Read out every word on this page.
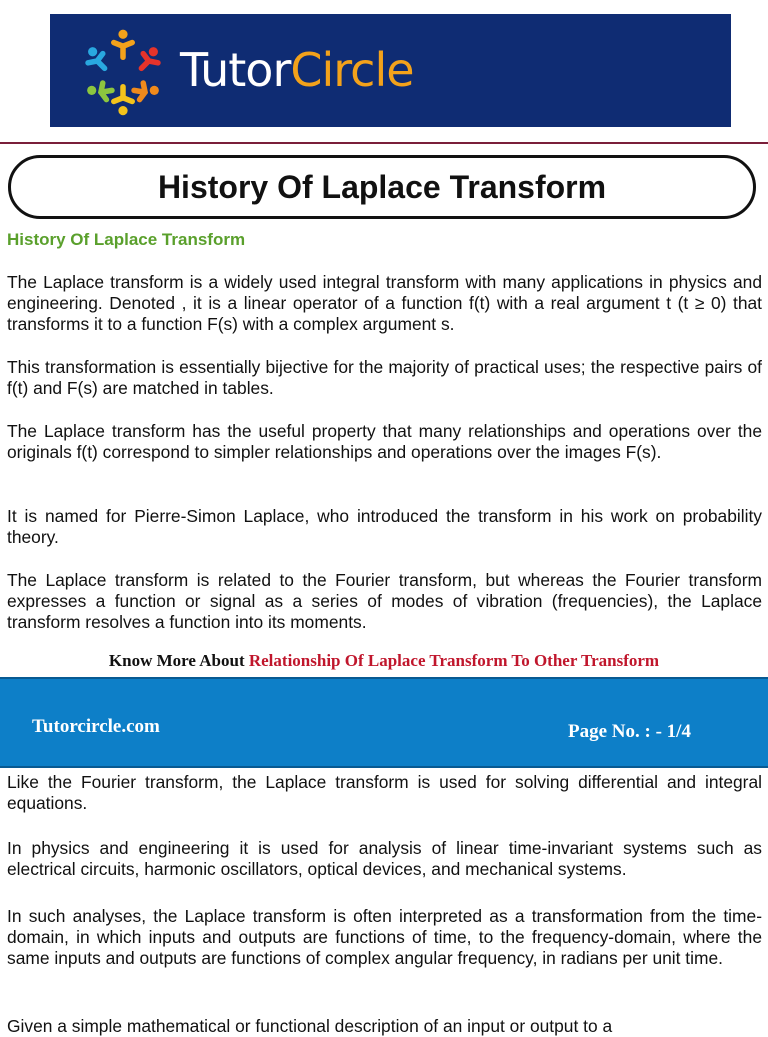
TutorCircle
History Of Laplace Transform
History Of Laplace Transform

The Laplace transform is a widely used integral transform with many applications in physics and engineering. Denoted , it is a linear operator of a function f(t) with a real argument t (t ≥ 0) that transforms it to a function F(s) with a complex argument s.

This transformation is essentially bijective for the majority of practical uses; the respective pairs of f(t) and F(s) are matched in tables.

The Laplace transform has the useful property that many relationships and operations over the originals f(t) correspond to simpler relationships and operations over the images F(s).

It is named for Pierre-Simon Laplace, who introduced the transform in his work on probability theory.

The Laplace transform is related to the Fourier transform, but whereas the Fourier transform expresses a function or signal as a series of modes of vibration (frequencies), the Laplace transform resolves a function into its moments.

Know More About Relationship Of Laplace Transform To Other Transform
Tutorcircle.com	Page No. : - 1/4

Like the Fourier transform, the Laplace transform is used for solving differential and integral equations.

In physics and engineering it is used for analysis of linear time-invariant systems such as electrical circuits, harmonic oscillators, optical devices, and mechanical systems.

In such analyses, the Laplace transform is often interpreted as a transformation from the time-domain, in which inputs and outputs are functions of time, to the frequency-domain, where the same inputs and outputs are functions of complex angular frequency, in radians per unit time.

Given a simple mathematical or functional description of an input or output to a
